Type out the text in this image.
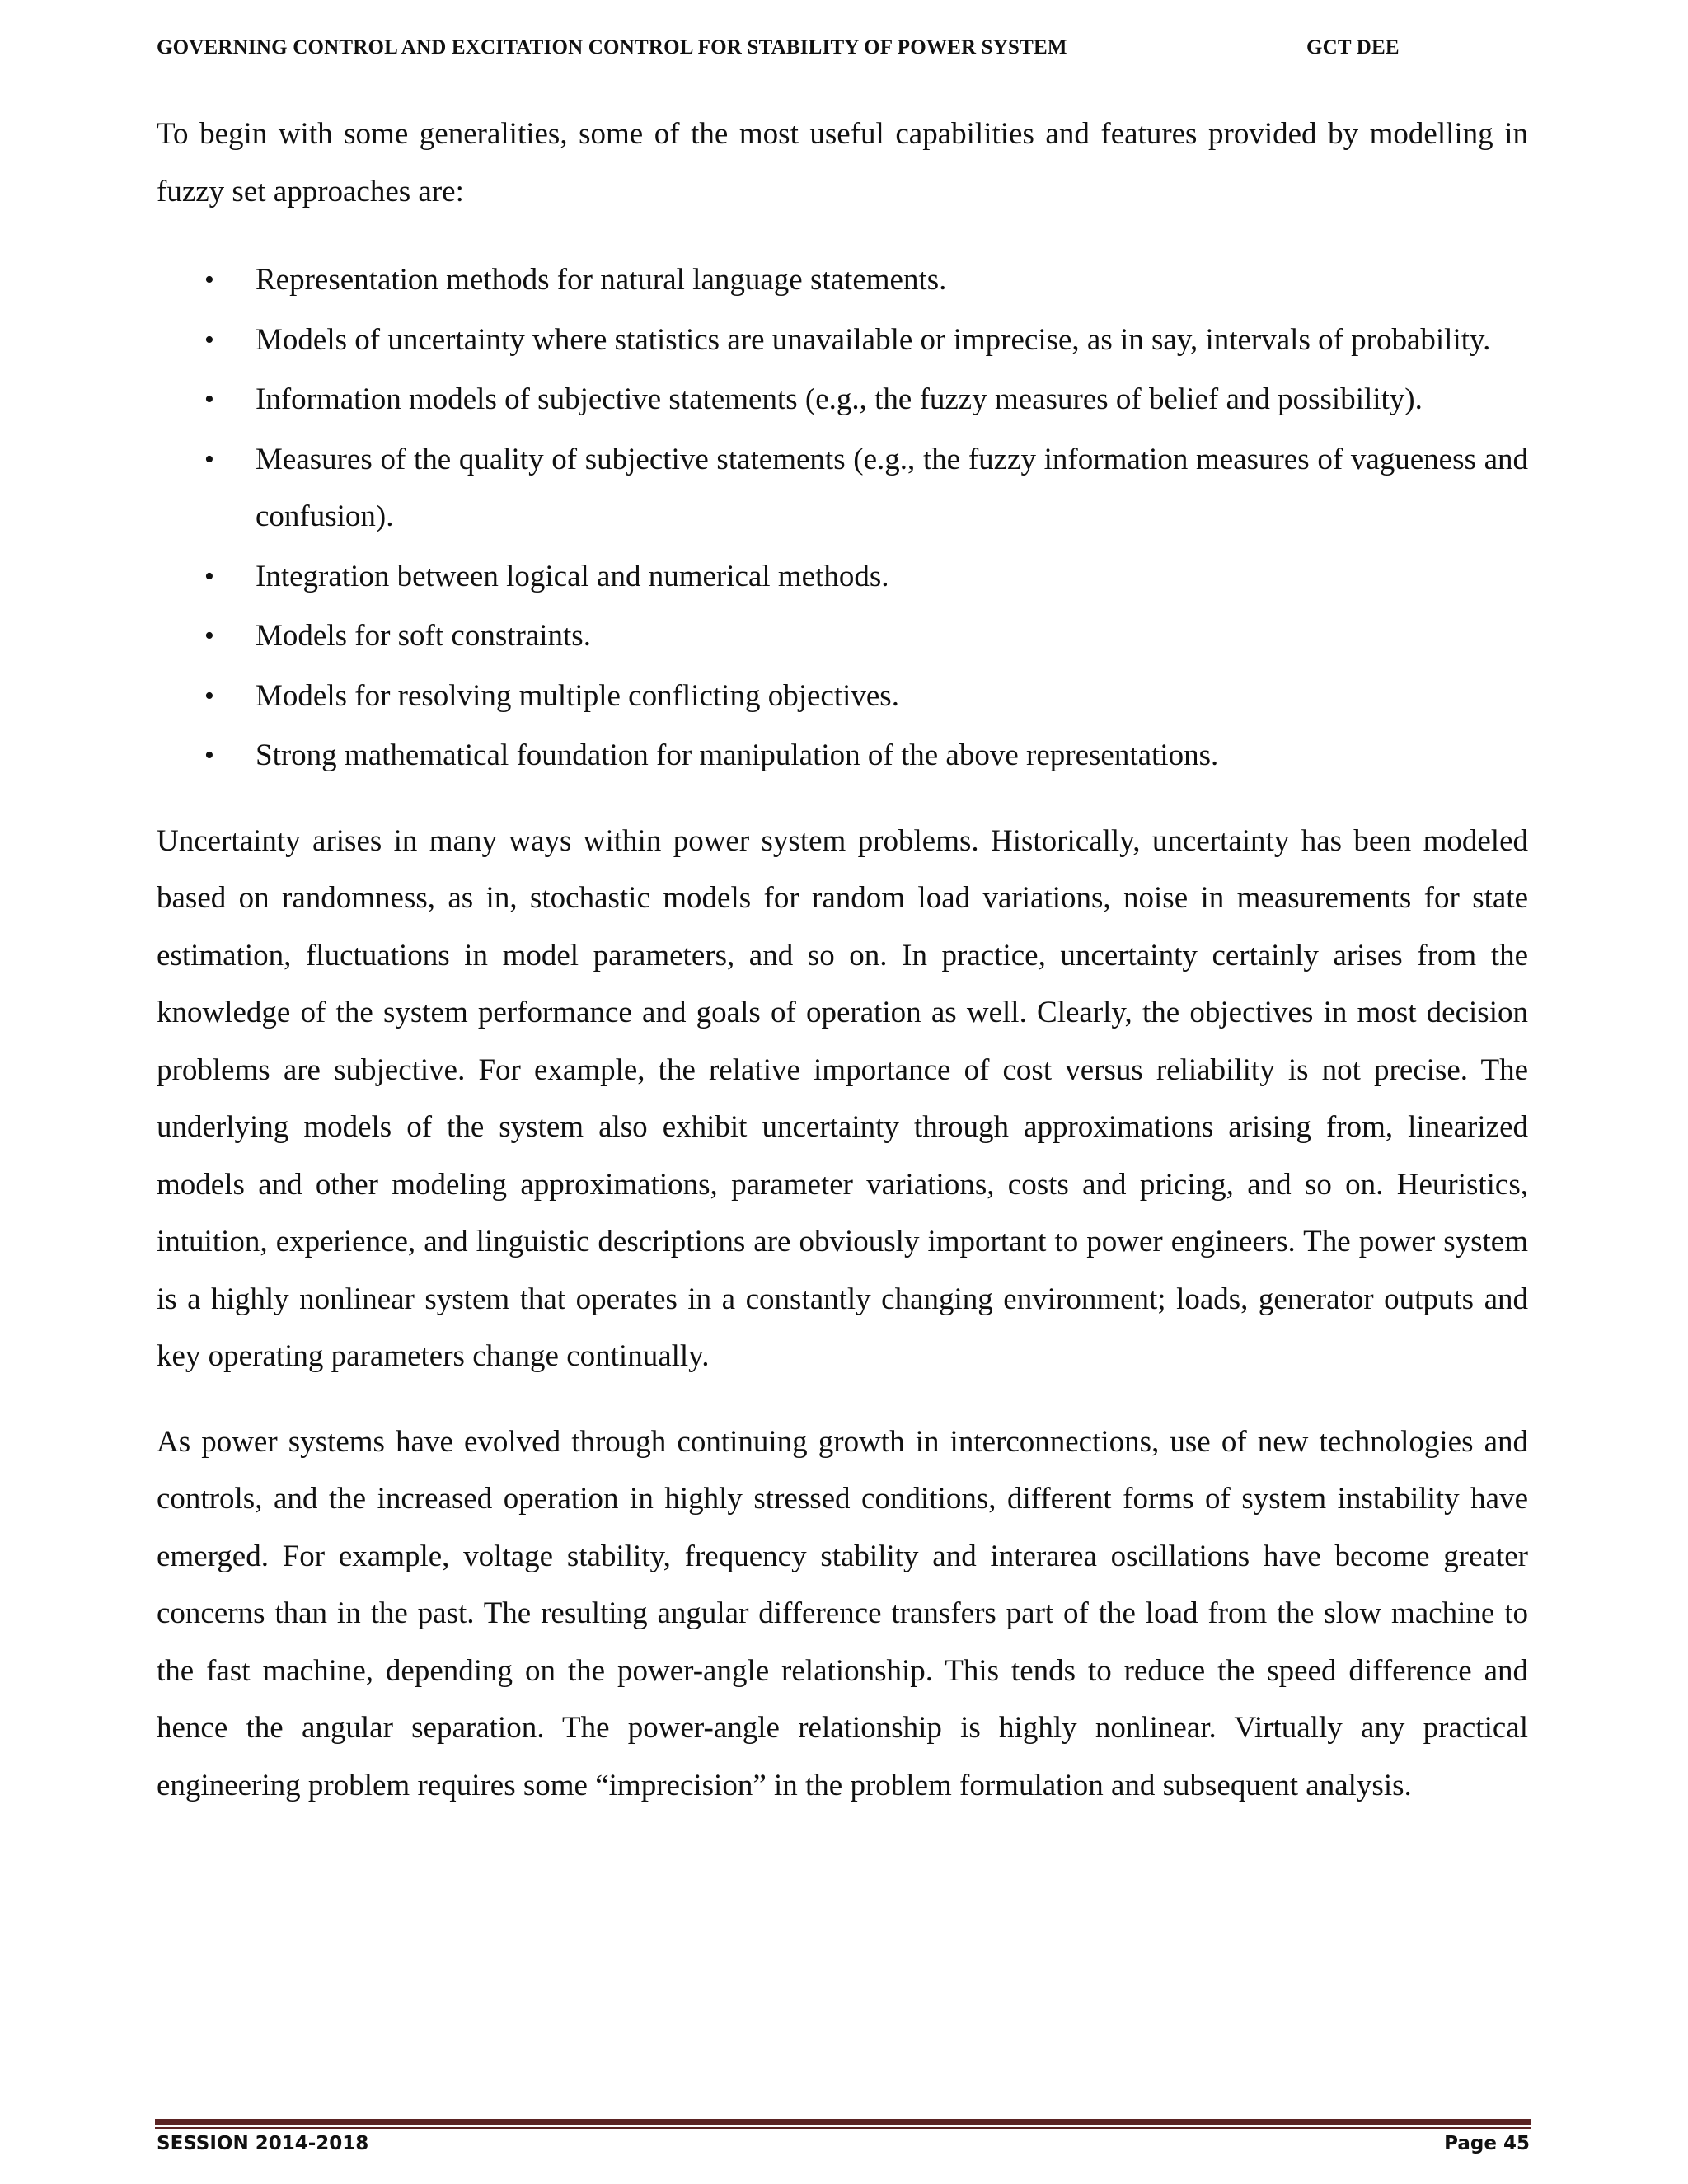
GOVERNING CONTROL AND EXCITATION CONTROL FOR STABILITY OF POWER SYSTEM	GCT DEE

To begin with some generalities, some of the most useful capabilities and features provided by modelling in fuzzy set approaches are:

• Representation methods for natural language statements.
• Models of uncertainty where statistics are unavailable or imprecise, as in say, intervals of probability.
• Information models of subjective statements (e.g., the fuzzy measures of belief and possibility).
• Measures of the quality of subjective statements (e.g., the fuzzy information measures of vagueness and confusion).
• Integration between logical and numerical methods.
• Models for soft constraints.
• Models for resolving multiple conflicting objectives.
• Strong mathematical foundation for manipulation of the above representations.

Uncertainty arises in many ways within power system problems. Historically, uncertainty has been modeled based on randomness, as in, stochastic models for random load variations, noise in measurements for state estimation, fluctuations in model parameters, and so on. In practice, uncertainty certainly arises from the knowledge of the system performance and goals of operation as well. Clearly, the objectives in most decision problems are subjective. For example, the relative importance of cost versus reliability is not precise. The underlying models of the system also exhibit uncertainty through approximations arising from, linearized models and other modeling approximations, parameter variations, costs and pricing, and so on. Heuristics, intuition, experience, and linguistic descriptions are obviously important to power engineers. The power system is a highly nonlinear system that operates in a constantly changing environment; loads, generator outputs and key operating parameters change continually.

As power systems have evolved through continuing growth in interconnections, use of new technologies and controls, and the increased operation in highly stressed conditions, different forms of system instability have emerged. For example, voltage stability, frequency stability and interarea oscillations have become greater concerns than in the past. The resulting angular difference transfers part of the load from the slow machine to the fast machine, depending on the power-angle relationship. This tends to reduce the speed difference and hence the angular separation. The power-angle relationship is highly nonlinear. Virtually any practical engineering problem requires some “imprecision” in the problem formulation and subsequent analysis.

SESSION 2014-2018	Page 45
